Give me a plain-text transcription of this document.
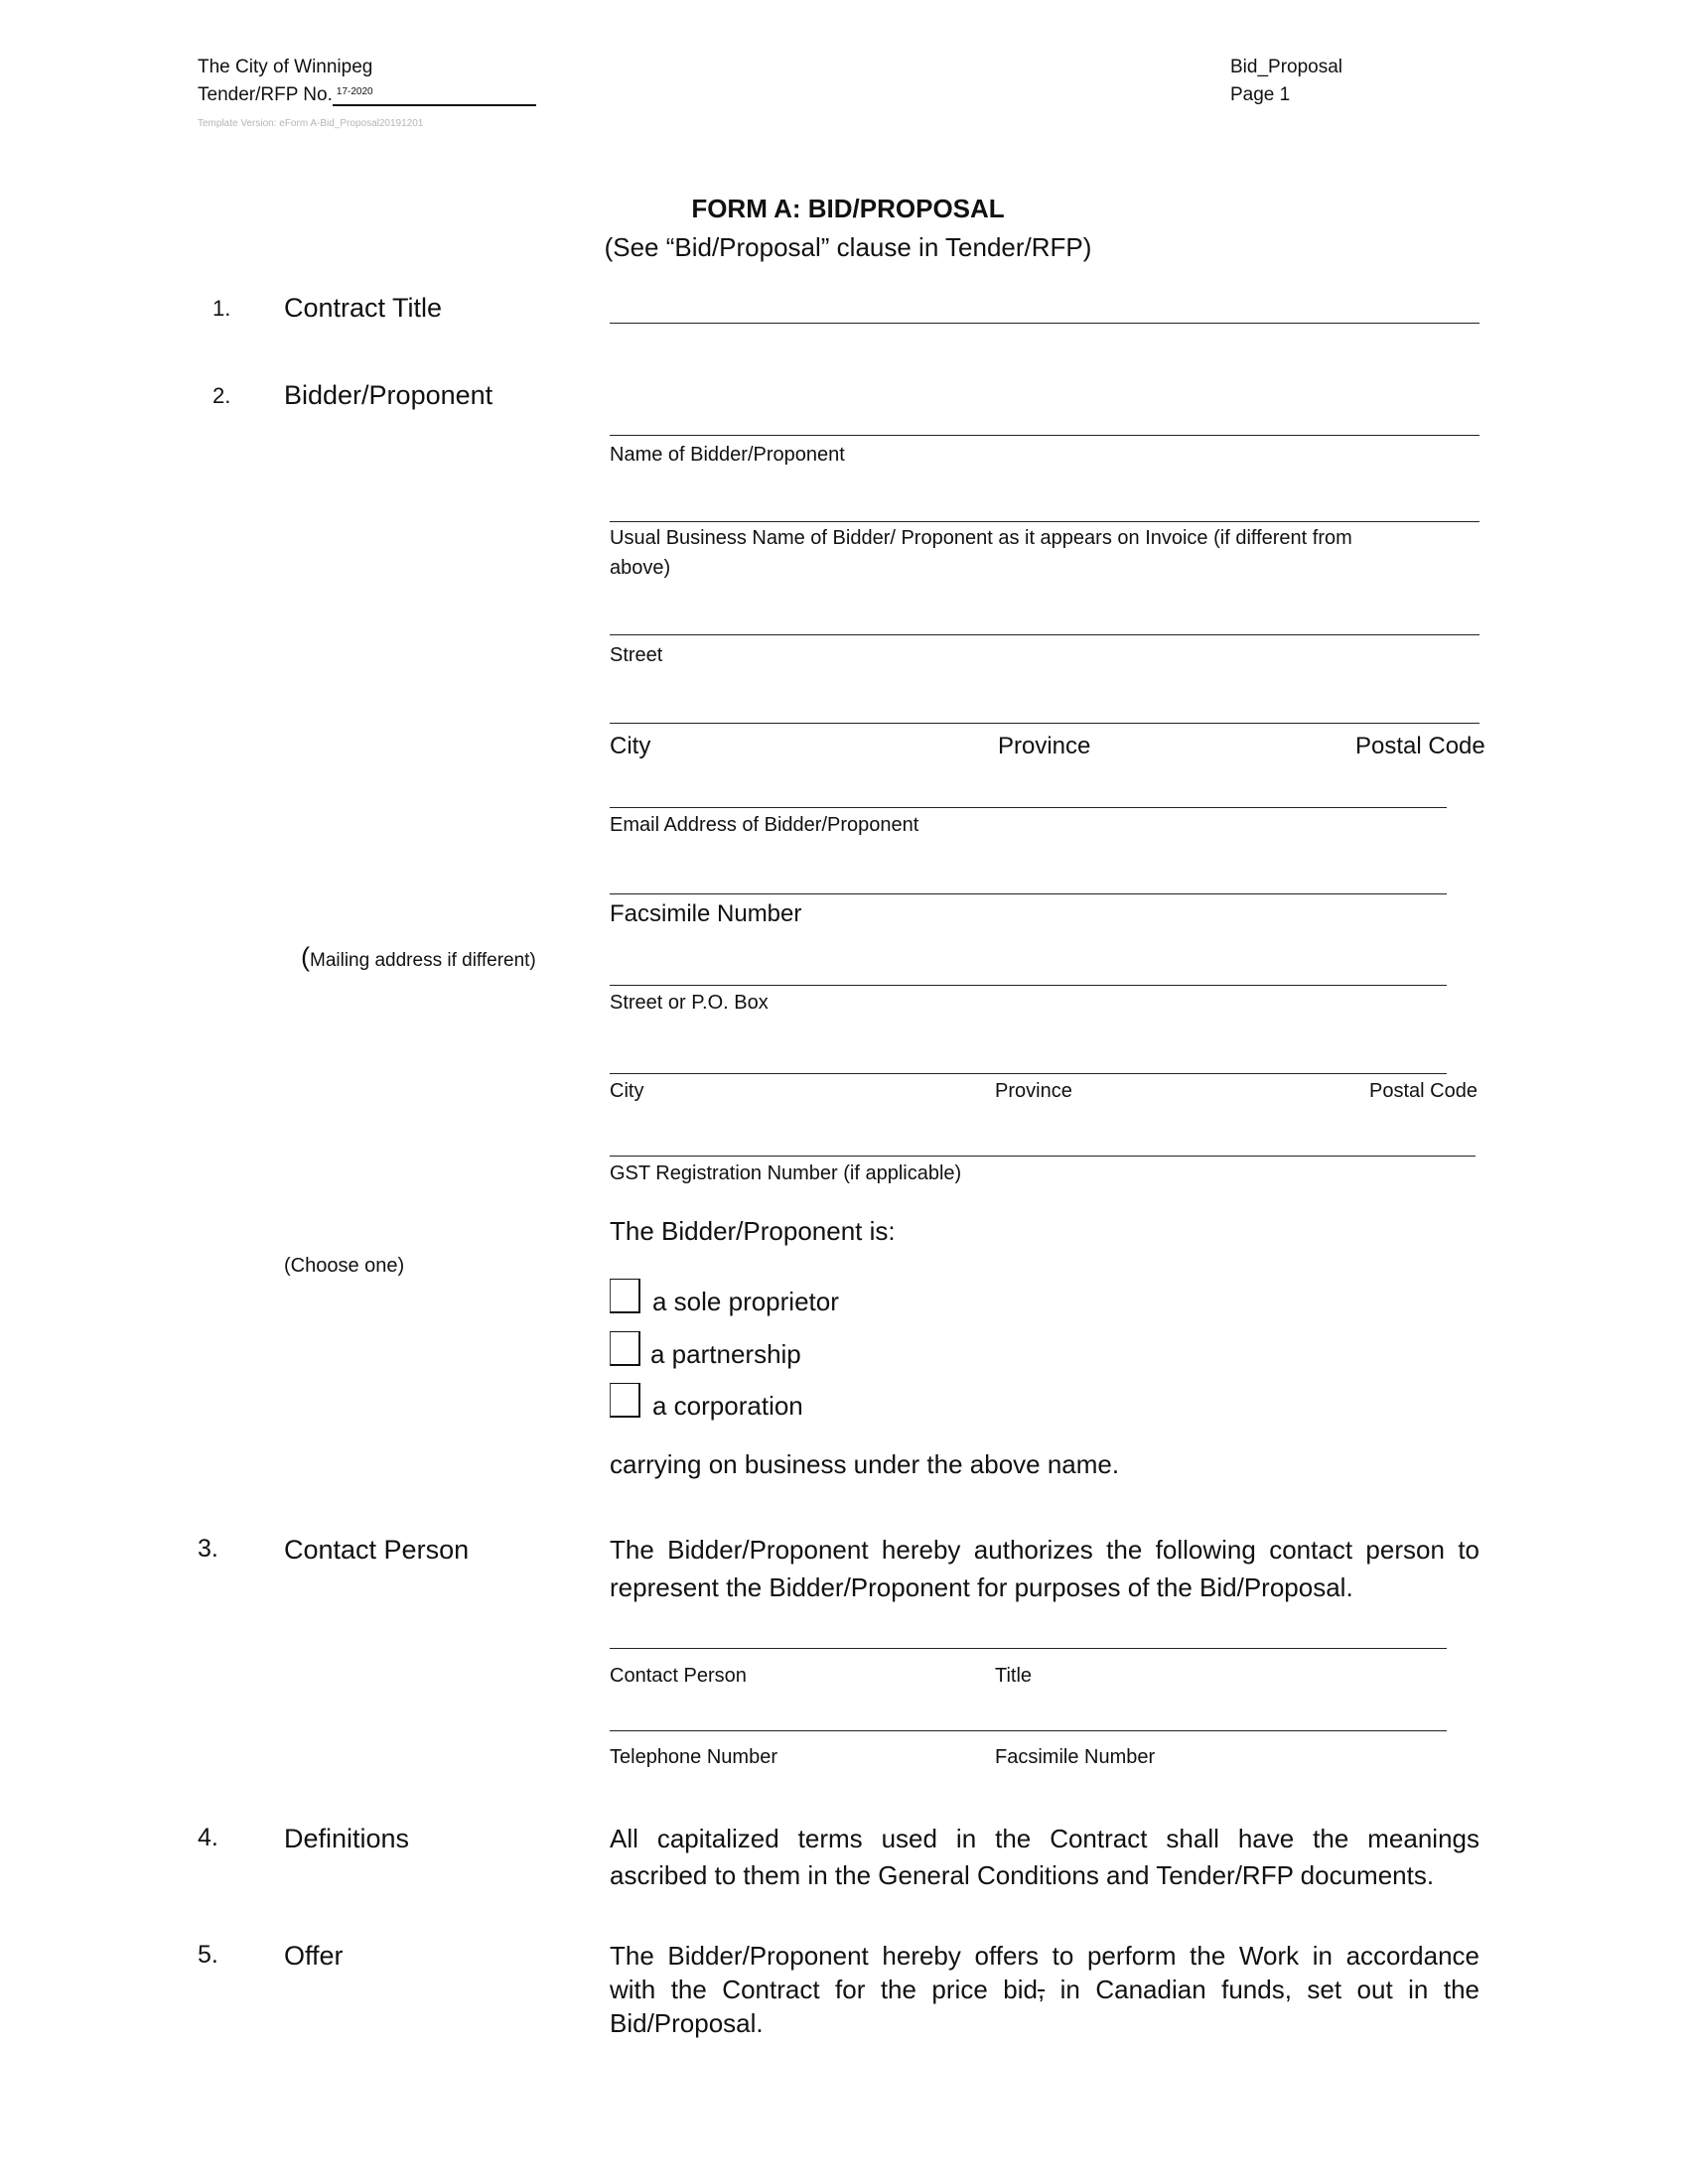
The City of Winnipeg
Tender/RFP No. 17-2020
Template Version: eForm A-Bid_Proposal20191201
Bid_Proposal
Page 1
FORM A: BID/PROPOSAL
(See “Bid/Proposal” clause in Tender/RFP)
1. Contract Title
2. Bidder/Proponent
Name of Bidder/Proponent
Usual Business Name of Bidder/ Proponent as it appears on Invoice (if different from
above)
Street
City	Province	Postal Code
Email Address of Bidder/Proponent
Facsimile Number
(Mailing address if different)
Street or P.O. Box
City	Province	Postal Code
GST Registration Number (if applicable)
The Bidder/Proponent is:
(Choose one)
a sole proprietor
a partnership
a corporation
carrying on business under the above name.
3. Contact Person	The Bidder/Proponent hereby authorizes the following contact person to
represent the Bidder/Proponent for purposes of the Bid/Proposal.
Contact Person	Title
Telephone Number	Facsimile Number
4. Definitions	All capitalized terms used in the Contract shall have the meanings
ascribed to them in the General Conditions and Tender/RFP documents.
5. Offer	The Bidder/Proponent hereby offers to perform the Work in accordance
with the Contract for the price bid, in Canadian funds, set out in the
Bid/Proposal.
